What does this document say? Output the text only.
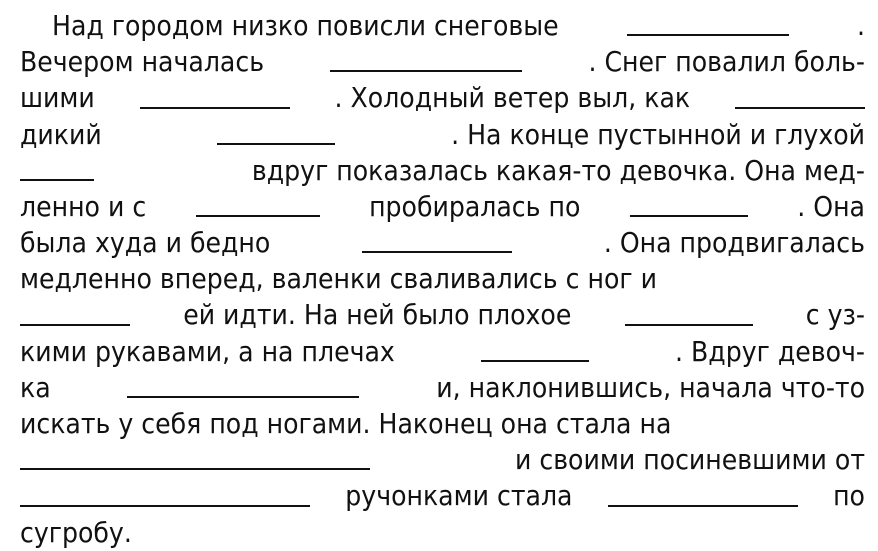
Над городом низко повисли снеговые	.
Вечером началась	. Снег повалил боль-
шими	. Холодный ветер выл, как
дикий	. На конце пустынной и глухой
вдруг показалась какая-то девочка. Она мед-
ленно и с	пробиралась по	. Она
была худа и бедно	. Она продвигалась
медленно вперед, валенки сваливались с ног и
ей идти. На ней было плохое	с уз-
кими рукавами, а на плечах	. Вдруг девоч-
ка	и, наклонившись, начала что-то
искать у себя под ногами. Наконец она стала на
и своими посиневшими от
ручонками стала	по
сугробу.
